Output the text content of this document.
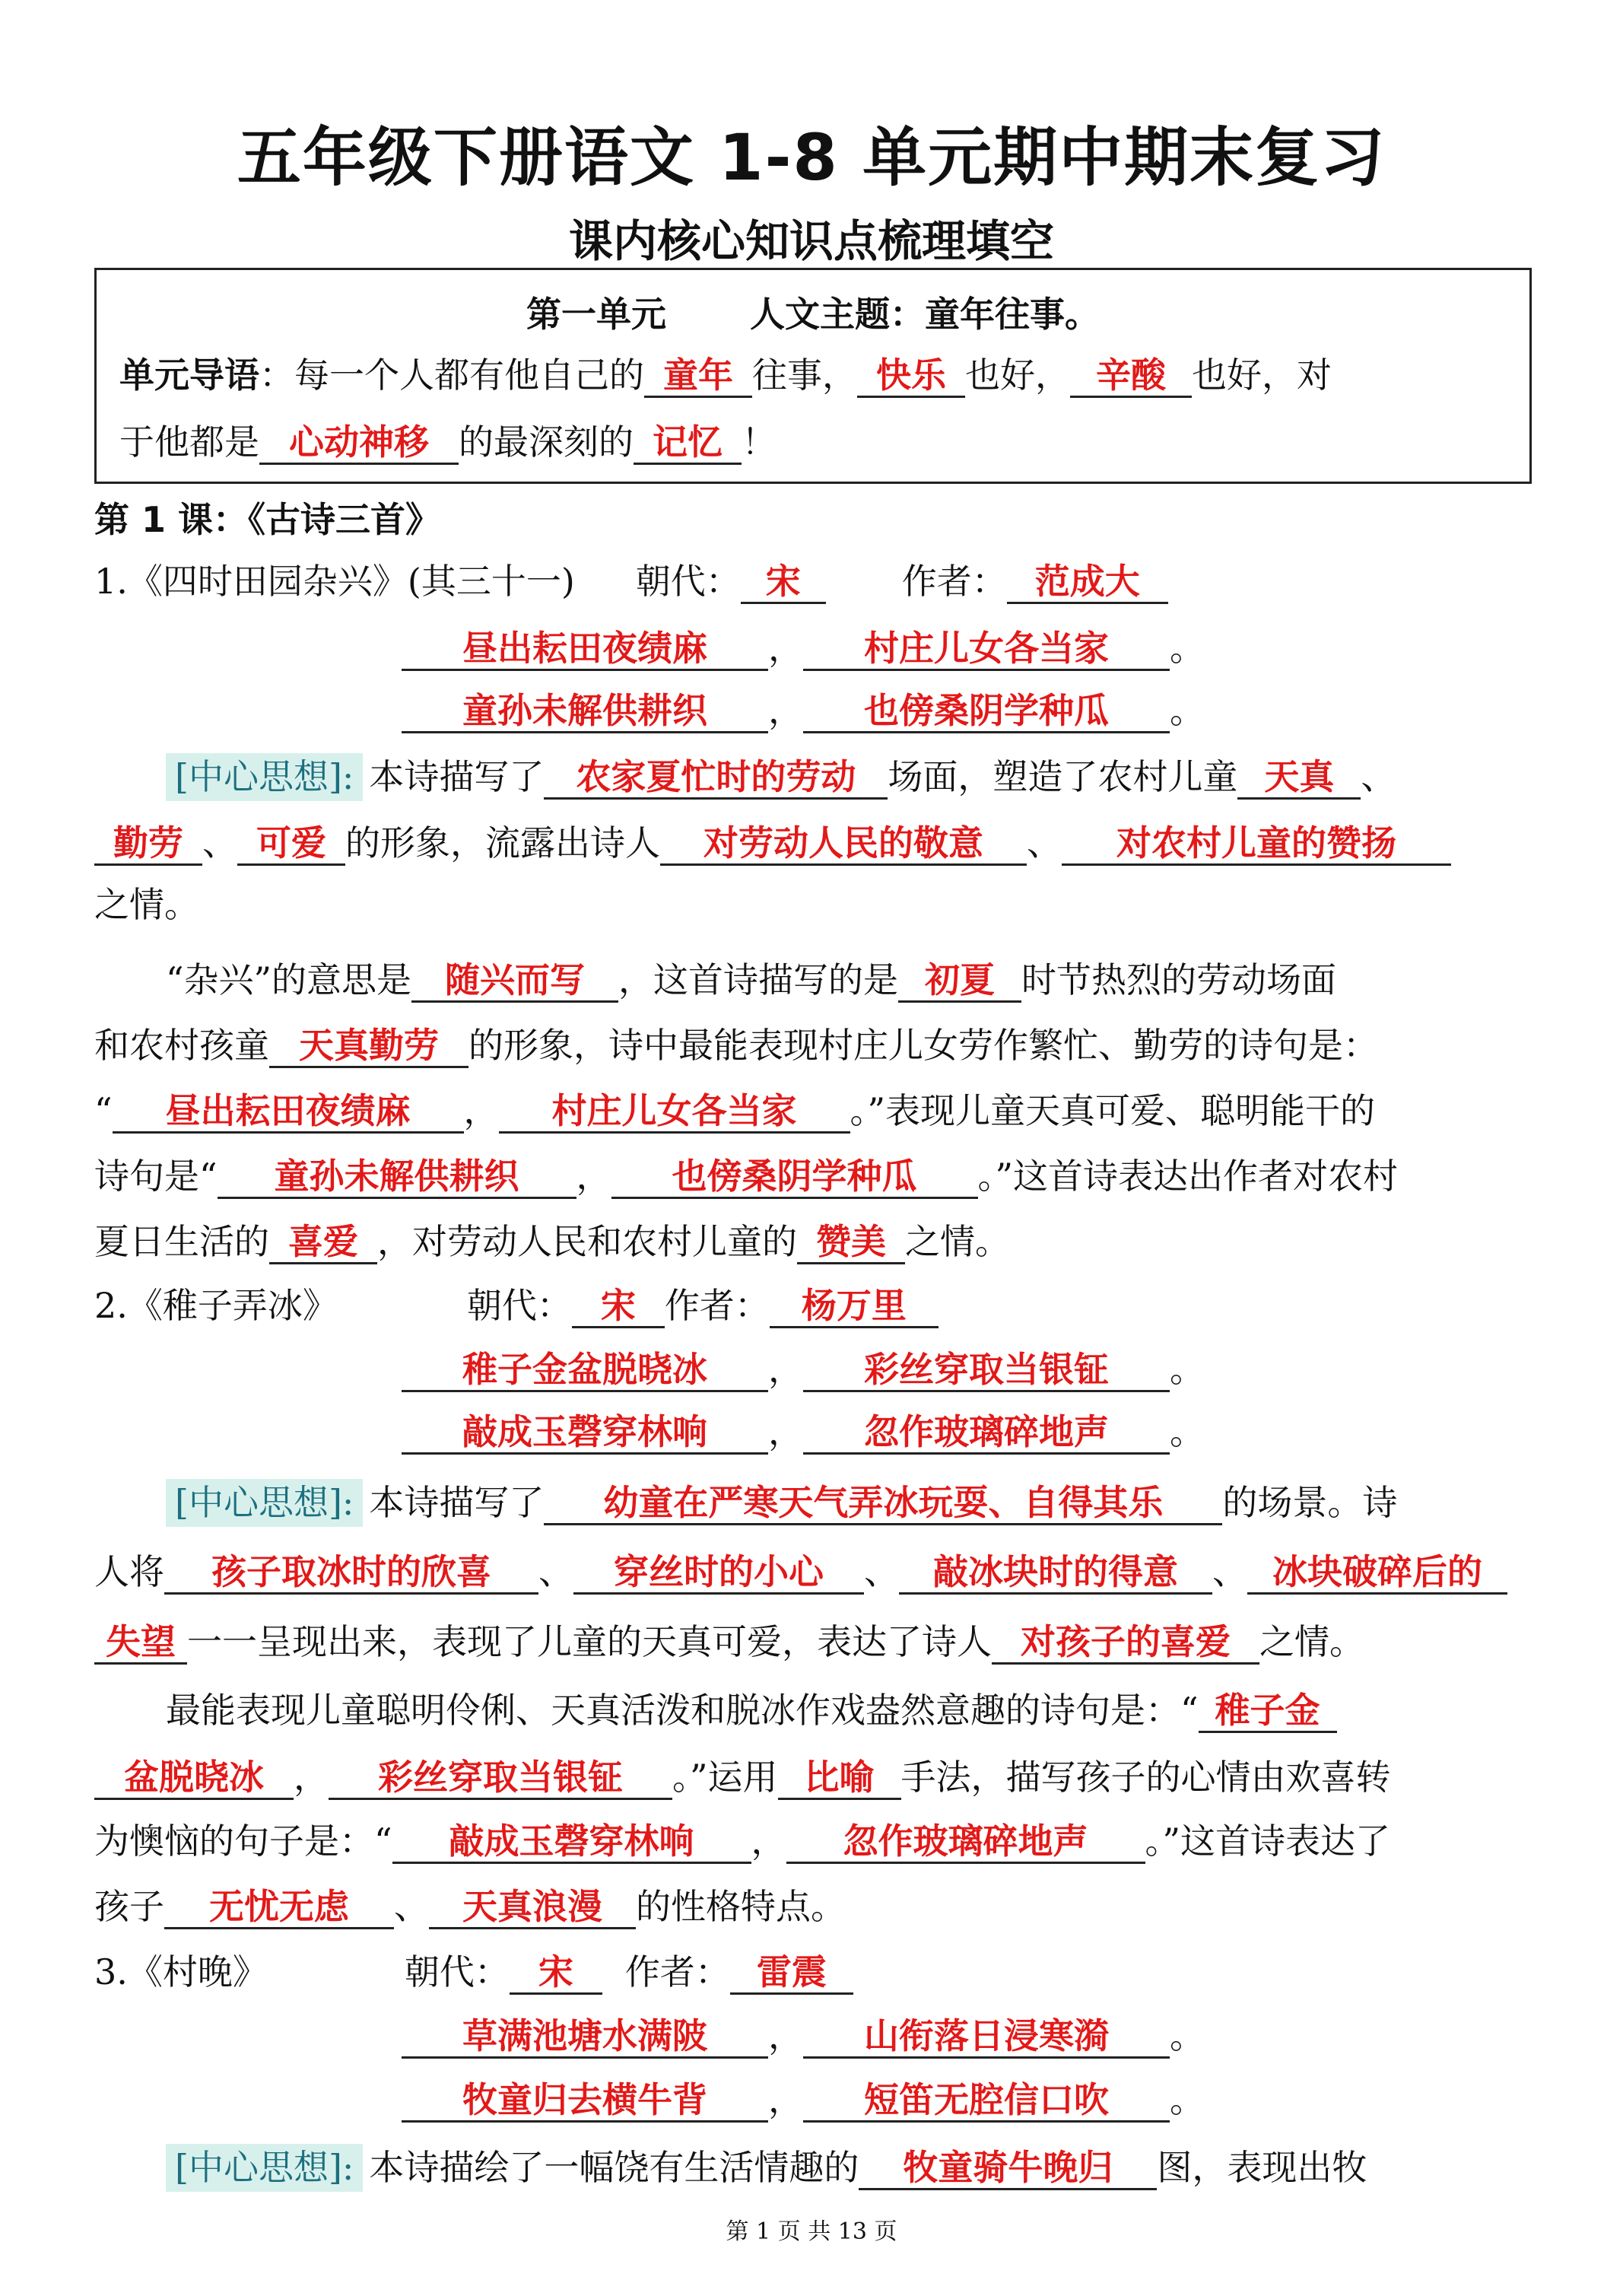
五年级下册语文 1-8 单元期中期末复习
课内核心知识点梳理填空
第一单元 人文主题：童年往事。
单元导语：每一个人都有他自己的 童年 往事， 快乐 也好， 辛酸 也好，对
于他都是 心动神移 的最深刻的 记忆 ！
第 1 课：《古诗三首》
1.《四时田园杂兴》(其三十一) 朝代： 宋	作者： 范成大
昼出耘田夜绩麻 ， 村庄儿女各当家 。
童孙未解供耕织 ， 也傍桑阴学种瓜 。
[中心思想]: 本诗描写了 农家夏忙时的劳动 场面，塑造了农村儿童 天真 、
勤劳 、 可爱 的形象，流露出诗人 对劳动人民的敬意 、 对农村儿童的赞扬
之情。
“杂兴”的意思是 随兴而写 ，这首诗描写的是 初夏 时节热烈的劳动场面
和农村孩童 天真勤劳 的形象，诗中最能表现村庄儿女劳作繁忙、勤劳的诗句是：
“ 昼出耘田夜绩麻 ， 村庄儿女各当家 。”表现儿童天真可爱、聪明能干的
诗句是“ 童孙未解供耕织 ， 也傍桑阴学种瓜 。”这首诗表达出作者对农村
夏日生活的 喜爱 ，对劳动人民和农村儿童的 赞美 之情。
2.《稚子弄冰》	朝代： 宋 作者： 杨万里
稚子金盆脱晓冰 ， 彩丝穿取当银钲 。
敲成玉磬穿林响 ， 忽作玻璃碎地声 。
[中心思想]: 本诗描写了 幼童在严寒天气弄冰玩耍、自得其乐 的场景。诗
人将 孩子取冰时的欣喜 、 穿丝时的小心 、 敲冰块时的得意 、 冰块破碎后的
失望 一一呈现出来，表现了儿童的天真可爱，表达了诗人 对孩子的喜爱 之情。
最能表现儿童聪明伶俐、天真活泼和脱冰作戏盎然意趣的诗句是：“ 稚子金
盆脱晓冰 ， 彩丝穿取当银钲 。”运用 比喻 手法，描写孩子的心情由欢喜转
为懊恼的句子是：“ 敲成玉磬穿林响 ， 忽作玻璃碎地声 。”这首诗表达了
孩子 无忧无虑 、 天真浪漫 的性格特点。
3.《村晚》	朝代： 宋 作者： 雷震
草满池塘水满陂 ， 山衔落日浸寒漪 。
牧童归去横牛背 ， 短笛无腔信口吹 。
[中心思想]: 本诗描绘了一幅饶有生活情趣的 牧童骑牛晚归 图，表现出牧
第 1 页 共 13 页
